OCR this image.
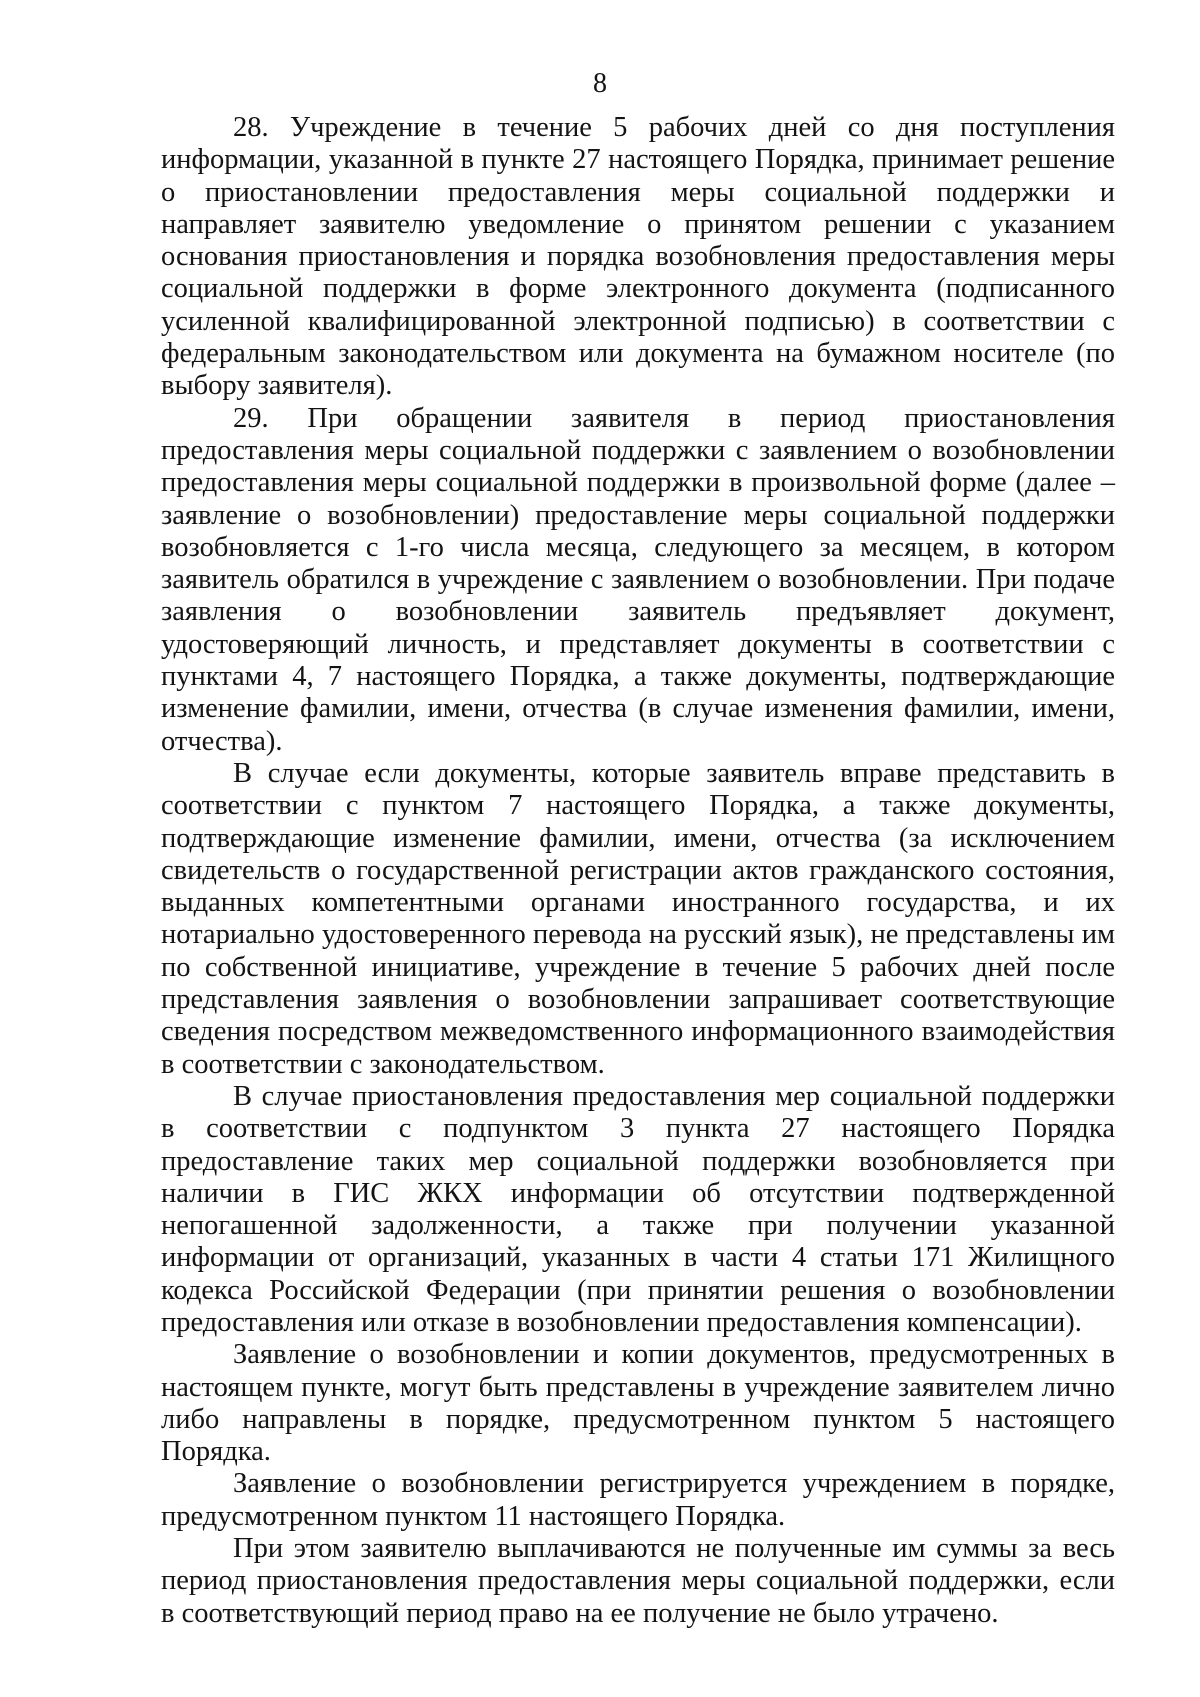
8

28. Учреждение в течение 5 рабочих дней со дня поступления информации, указанной в пункте 27 настоящего Порядка, принимает решение о приостановлении предоставления меры социальной поддержки и направляет заявителю уведомление о принятом решении с указанием основания приостановления и порядка возобновления предоставления меры социальной поддержки в форме электронного документа (подписанного усиленной квалифицированной электронной подписью) в соответствии с федеральным законодательством или документа на бумажном носителе (по выбору заявителя).

29. При обращении заявителя в период приостановления предоставления меры социальной поддержки с заявлением о возобновлении предоставления меры социальной поддержки в произвольной форме (далее – заявление о возобновлении) предоставление меры социальной поддержки возобновляется с 1-го числа месяца, следующего за месяцем, в котором заявитель обратился в учреждение с заявлением о возобновлении. При подаче заявления о возобновлении заявитель предъявляет документ, удостоверяющий личность, и представляет документы в соответствии с пунктами 4, 7 настоящего Порядка, а также документы, подтверждающие изменение фамилии, имени, отчества (в случае изменения фамилии, имени, отчества).

В случае если документы, которые заявитель вправе представить в соответствии с пунктом 7 настоящего Порядка, а также документы, подтверждающие изменение фамилии, имени, отчества (за исключением свидетельств о государственной регистрации актов гражданского состояния, выданных компетентными органами иностранного государства, и их нотариально удостоверенного перевода на русский язык), не представлены им по собственной инициативе, учреждение в течение 5 рабочих дней после представления заявления о возобновлении запрашивает соответствующие сведения посредством межведомственного информационного взаимодействия в соответствии с законодательством.

В случае приостановления предоставления мер социальной поддержки в соответствии с подпунктом 3 пункта 27 настоящего Порядка предоставление таких мер социальной поддержки возобновляется при наличии в ГИС ЖКХ информации об отсутствии подтвержденной непогашенной задолженности, а также при получении указанной информации от организаций, указанных в части 4 статьи 171 Жилищного кодекса Российской Федерации (при принятии решения о возобновлении предоставления или отказе в возобновлении предоставления компенсации).

Заявление о возобновлении и копии документов, предусмотренных в настоящем пункте, могут быть представлены в учреждение заявителем лично либо направлены в порядке, предусмотренном пунктом 5 настоящего Порядка.

Заявление о возобновлении регистрируется учреждением в порядке, предусмотренном пунктом 11 настоящего Порядка.

При этом заявителю выплачиваются не полученные им суммы за весь период приостановления предоставления меры социальной поддержки, если в соответствующий период право на ее получение не было утрачено.
